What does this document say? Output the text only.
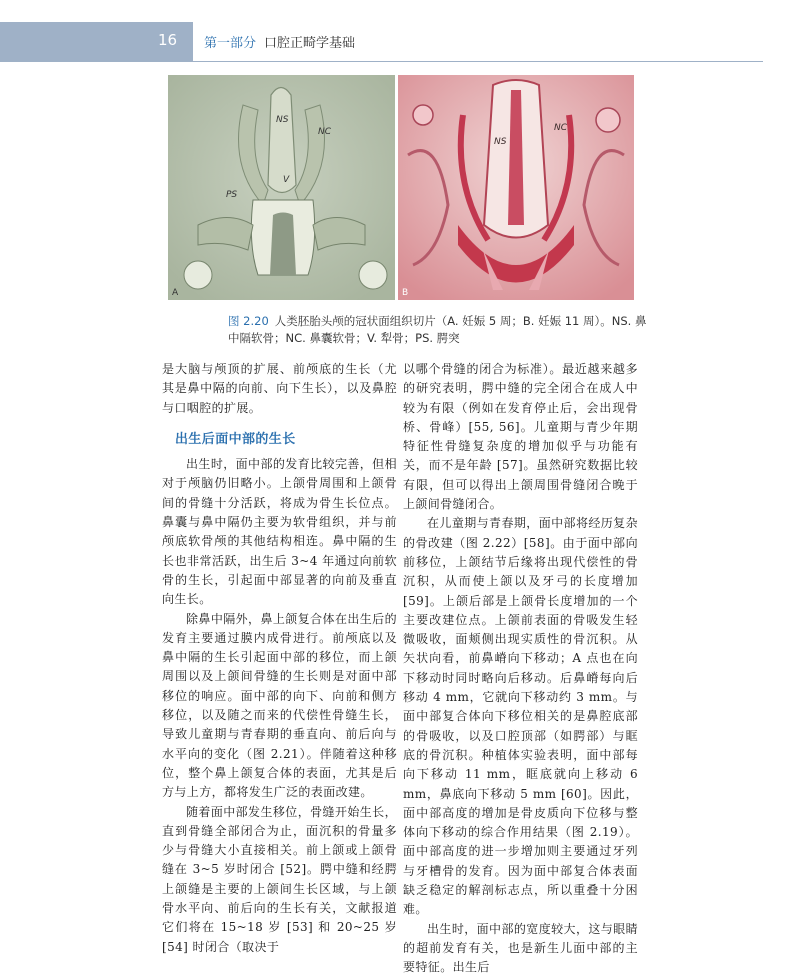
16 第一部分 口腔正畸学基础
NS
NC
PS
V
A
NS
NC
B
图 2.20 人类胚胎头颅的冠状面组织切片（A. 妊娠 5 周；B. 妊娠 11 周）。NS. 鼻中隔软骨；NC. 鼻囊软骨；V. 犁骨；PS. 腭突

是大脑与颅顶的扩展、前颅底的生长（尤其是鼻中隔的向前、向下生长），以及鼻腔与口咽腔的扩展。

出生后面中部的生长

出生时，面中部的发育比较完善，但相对于颅脑仍旧略小。上颌骨周围和上颌骨间的骨缝十分活跃，将成为骨生长位点。鼻囊与鼻中隔仍主要为软骨组织，并与前颅底软骨颅的其他结构相连。鼻中隔的生长也非常活跃，出生后 3~4 年通过向前软骨的生长，引起面中部显著的向前及垂直向生长。

除鼻中隔外，鼻上颌复合体在出生后的发育主要通过膜内成骨进行。前颅底以及鼻中隔的生长引起面中部的移位，而上颌周围以及上颌间骨缝的生长则是对面中部移位的响应。面中部的向下、向前和侧方移位，以及随之而来的代偿性骨缝生长，导致儿童期与青春期的垂直向、前后向与水平向的变化（图 2.21）。伴随着这种移位，整个鼻上颌复合体的表面，尤其是后方与上方，都将发生广泛的表面改建。

随着面中部发生移位，骨缝开始生长，直到骨缝全部闭合为止，面沉积的骨量多少与骨缝大小直接相关。前上颌或上颌骨缝在 3~5 岁时闭合 [52]。腭中缝和经腭上颌缝是主要的上颌间生长区域，与上颌骨水平向、前后向的生长有关，文献报道它们将在 15~18 岁 [53] 和 20~25 岁 [54] 时闭合（取决于

以哪个骨缝的闭合为标准）。最近越来越多的研究表明，腭中缝的完全闭合在成人中较为有限（例如在发育停止后，会出现骨桥、骨峰）[55, 56]。儿童期与青少年期特征性骨缝复杂度的增加似乎与功能有关，而不是年龄 [57]。虽然研究数据比较有限，但可以得出上颌周围骨缝闭合晚于上颌间骨缝闭合。

在儿童期与青春期，面中部将经历复杂的骨改建（图 2.22）[58]。由于面中部向前移位，上颌结节后缘将出现代偿性的骨沉积，从而使上颌以及牙弓的长度增加 [59]。上颌后部是上颌骨长度增加的一个主要改建位点。上颌前表面的骨吸发生轻微吸收，面颊侧出现实质性的骨沉积。从矢状向看，前鼻嵴向下移动；A 点也在向下移动时同时略向后移动。后鼻嵴每向后移动 4 mm，它就向下移动约 3 mm。与面中部复合体向下移位相关的是鼻腔底部的骨吸收，以及口腔顶部（如腭部）与眶底的骨沉积。种植体实验表明，面中部每向下移动 11 mm，眶底就向上移动 6 mm，鼻底向下移动 5 mm [60]。因此，面中部高度的增加是骨皮质向下位移与整体向下移动的综合作用结果（图 2.19）。面中部高度的进一步增加则主要通过牙列与牙槽骨的发育。因为面中部复合体表面缺乏稳定的解剖标志点，所以重叠十分困难。

出生时，面中部的宽度较大，这与眼睛的超前发育有关，也是新生儿面中部的主要特征。出生后
